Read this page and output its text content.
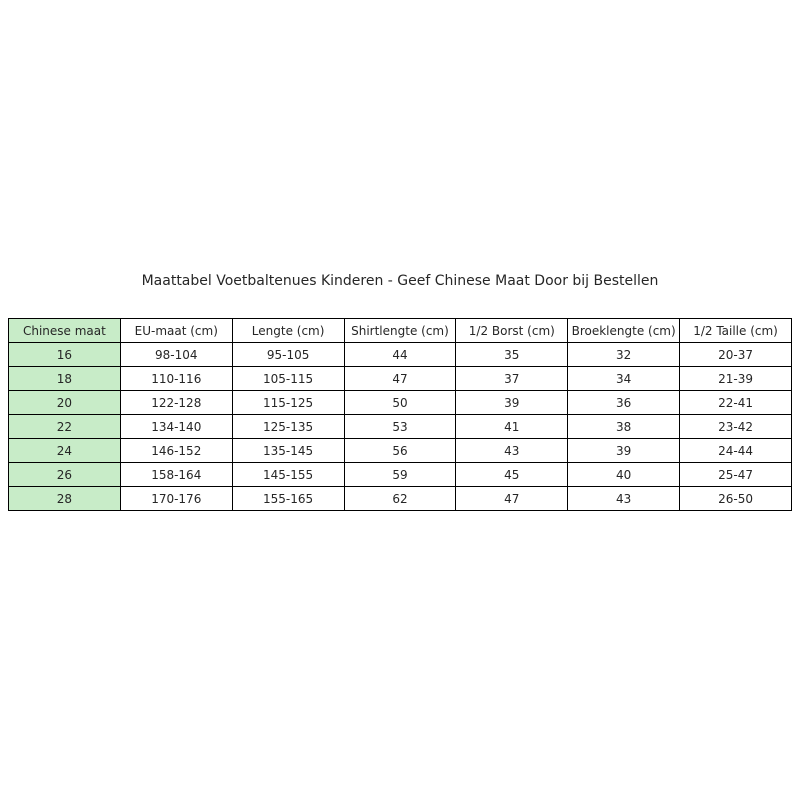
Maattabel Voetbaltenues Kinderen - Geef Chinese Maat Door bij Bestellen
Chinese maat	EU-maat (cm)	Lengte (cm)	Shirtlengte (cm)	1/2 Borst (cm)	Broeklengte (cm)	1/2 Taille (cm)
16	98-104	95-105	44	35	32	20-37
18	110-116	105-115	47	37	34	21-39
20	122-128	115-125	50	39	36	22-41
22	134-140	125-135	53	41	38	23-42
24	146-152	135-145	56	43	39	24-44
26	158-164	145-155	59	45	40	25-47
28	170-176	155-165	62	47	43	26-50
